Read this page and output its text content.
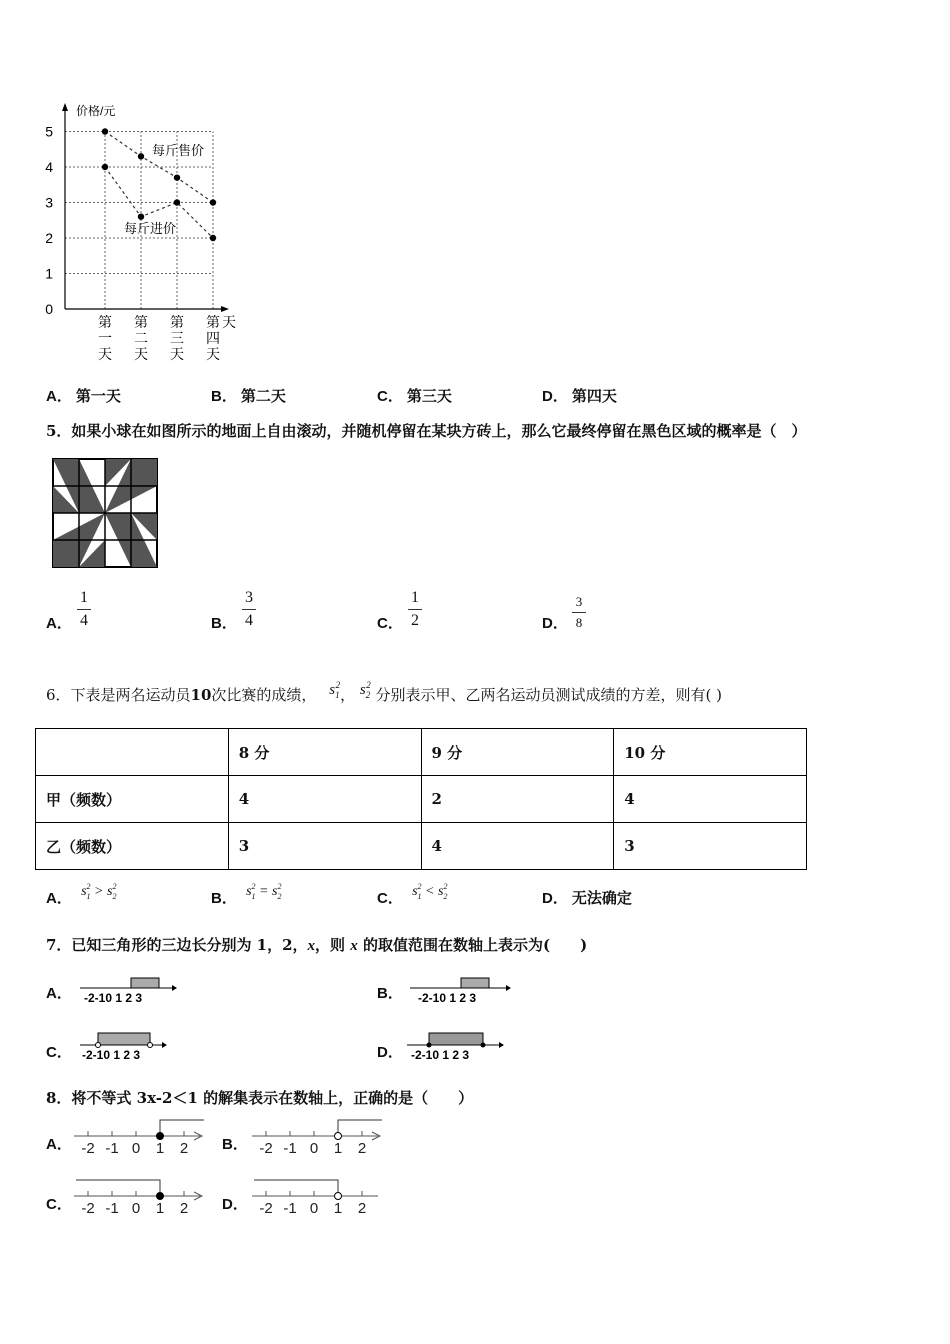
0
1
2
3
4
5
价格/元
天
第
一
天
第
二
天
第
三
天
第
四
天
每斤售价
每斤进价
A． 第一天	B． 第二天	C． 第三天	D． 第四天
5．如果小球在如图所示的地面上自由滚动，并随机停留在某块方砖上，那么它最终停留在黑色区域的概率是（　）
A．
1
4	B．
3
4	C．
1
2	D．
3
8
6．下表是两名运动员10次比赛的成绩， $s_1^2$， $s_2^2$ 分别表示甲、乙两名运动员测试成绩的方差，则有( )
	8 分	9 分	10 分
甲（频数）	4	2	4
乙（频数）	3	4	3
A． $s_1^2 > s_2^2$
B． $s_1^2 = s_2^2$
C． $s_1^2 < s_2^2$
D． 无法确定
7．已知三角形的三边长分别为 1，2，x，则 x 的取值范围在数轴上表示为(　　)
A．	B．
C．	D．
-2-10 1 2 3	-2-10 1 2 3
-2-10 1 2 3	-2-10 1 2 3
8．将不等式 3x-2＜1 的解集表示在数轴上，正确的是（　　）
A．	B．
C．	D．
-2 -1 0 1 2	-2 -1 0 1 2
-2 -1 0 1 2	-2 -1 0 1 2
